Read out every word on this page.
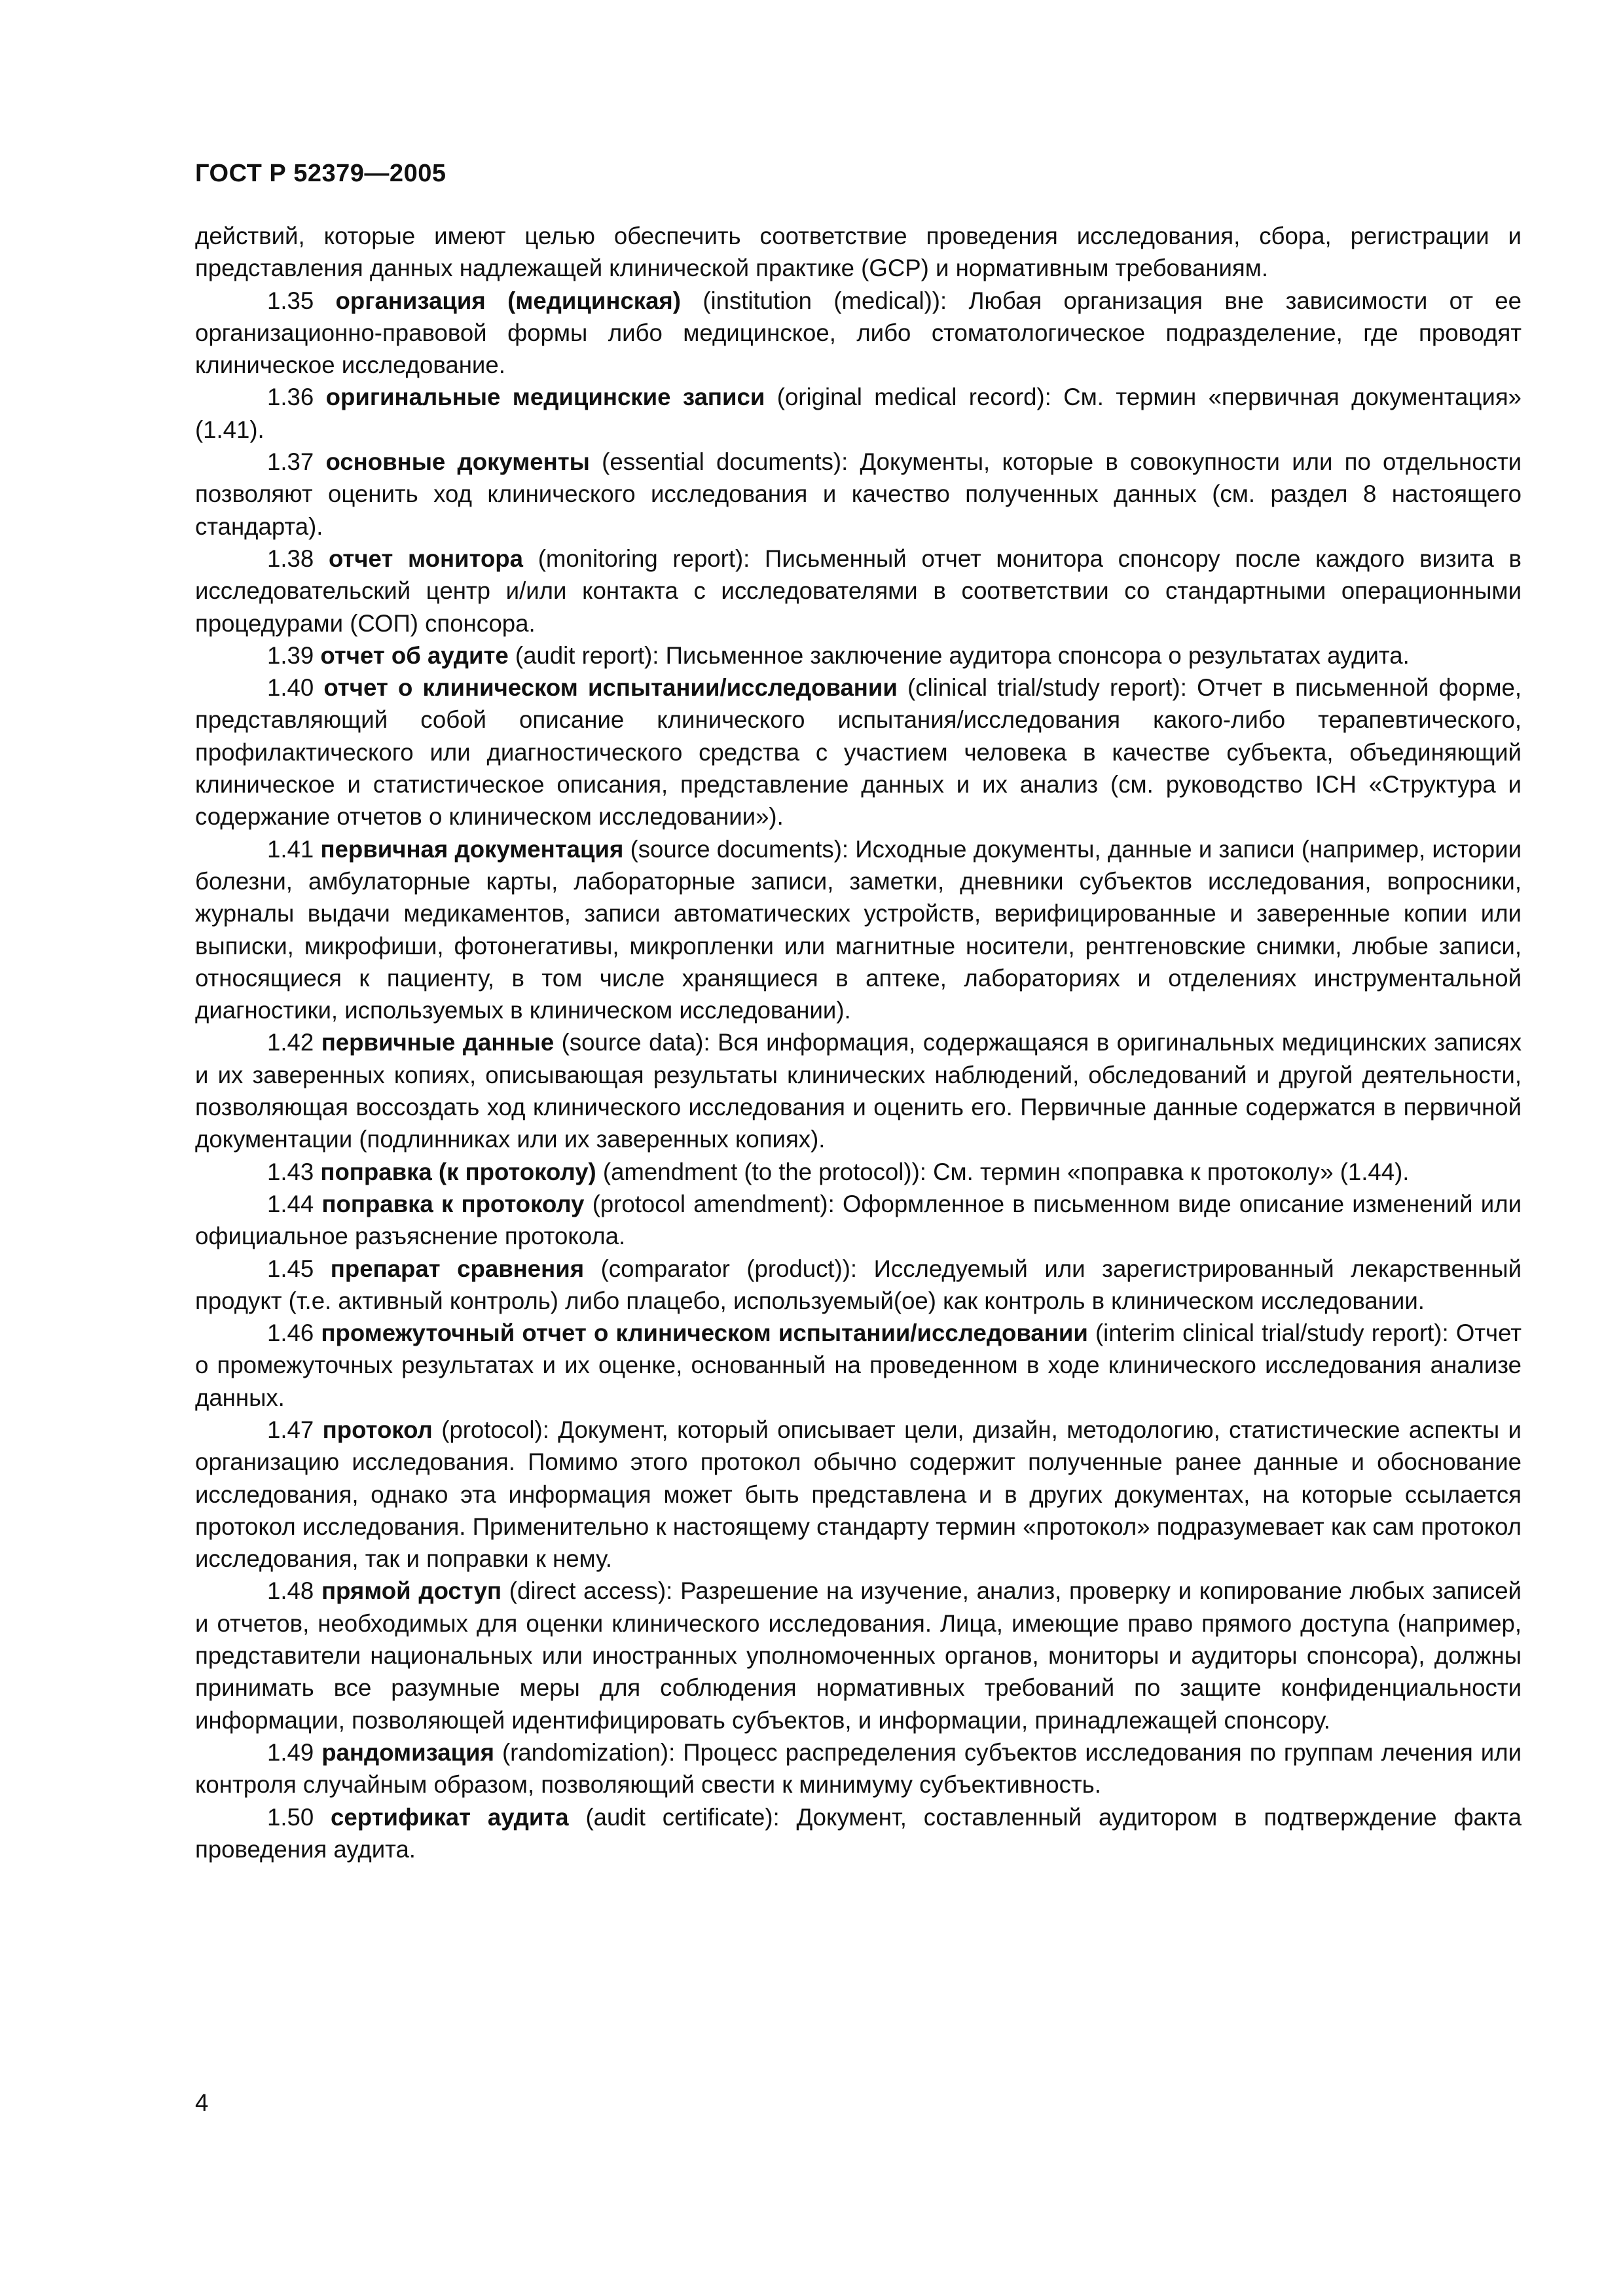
ГОСТ Р 52379—2005

действий, которые имеют целью обеспечить соответствие проведения исследования, сбора, регистрации и представления данных надлежащей клинической практике (GCP) и нормативным требованиям.

1.35 организация (медицинская) (institution (medical)): Любая организация вне зависимости от ее организационно-правовой формы либо медицинское, либо стоматологическое подразделение, где проводят клиническое исследование.

1.36 оригинальные медицинские записи (original medical record): См. термин «первичная документация» (1.41).

1.37 основные документы (essential documents): Документы, которые в совокупности или по отдельности позволяют оценить ход клинического исследования и качество полученных данных (см. раздел 8 настоящего стандарта).

1.38 отчет монитора (monitoring report): Письменный отчет монитора спонсору после каждого визита в исследовательский центр и/или контакта с исследователями в соответствии со стандартными операционными процедурами (СОП) спонсора.

1.39 отчет об аудите (audit report): Письменное заключение аудитора спонсора о результатах аудита.

1.40 отчет о клиническом испытании/исследовании (clinical trial/study report): Отчет в письменной форме, представляющий собой описание клинического испытания/исследования какого-либо терапевтического, профилактического или диагностического средства с участием человека в качестве субъекта, объединяющий клиническое и статистическое описания, представление данных и их анализ (см. руководство ICH «Структура и содержание отчетов о клиническом исследовании»).

1.41 первичная документация (source documents): Исходные документы, данные и записи (например, истории болезни, амбулаторные карты, лабораторные записи, заметки, дневники субъектов исследования, вопросники, журналы выдачи медикаментов, записи автоматических устройств, верифицированные и заверенные копии или выписки, микрофиши, фотонегативы, микропленки или магнитные носители, рентгеновские снимки, любые записи, относящиеся к пациенту, в том числе хранящиеся в аптеке, лабораториях и отделениях инструментальной диагностики, используемых в клиническом исследовании).

1.42 первичные данные (source data): Вся информация, содержащаяся в оригинальных медицинских записях и их заверенных копиях, описывающая результаты клинических наблюдений, обследований и другой деятельности, позволяющая воссоздать ход клинического исследования и оценить его. Первичные данные содержатся в первичной документации (подлинниках или их заверенных копиях).

1.43 поправка (к протоколу) (amendment (to the protocol)): См. термин «поправка к протоколу» (1.44).

1.44 поправка к протоколу (protocol amendment): Оформленное в письменном виде описание изменений или официальное разъяснение протокола.

1.45 препарат сравнения (comparator (product)): Исследуемый или зарегистрированный лекарственный продукт (т.е. активный контроль) либо плацебо, используемый(ое) как контроль в клиническом исследовании.

1.46 промежуточный отчет о клиническом испытании/исследовании (interim clinical trial/study report): Отчет о промежуточных результатах и их оценке, основанный на проведенном в ходе клинического исследования анализе данных.

1.47 протокол (protocol): Документ, который описывает цели, дизайн, методологию, статистические аспекты и организацию исследования. Помимо этого протокол обычно содержит полученные ранее данные и обоснование исследования, однако эта информация может быть представлена и в других документах, на которые ссылается протокол исследования. Применительно к настоящему стандарту термин «протокол» подразумевает как сам протокол исследования, так и поправки к нему.

1.48 прямой доступ (direct access): Разрешение на изучение, анализ, проверку и копирование любых записей и отчетов, необходимых для оценки клинического исследования. Лица, имеющие право прямого доступа (например, представители национальных или иностранных уполномоченных органов, мониторы и аудиторы спонсора), должны принимать все разумные меры для соблюдения нормативных требований по защите конфиденциальности информации, позволяющей идентифицировать субъектов, и информации, принадлежащей спонсору.

1.49 рандомизация (randomization): Процесс распределения субъектов исследования по группам лечения или контроля случайным образом, позволяющий свести к минимуму субъективность.

1.50 сертификат аудита (audit certificate): Документ, составленный аудитором в подтверждение факта проведения аудита.

4
